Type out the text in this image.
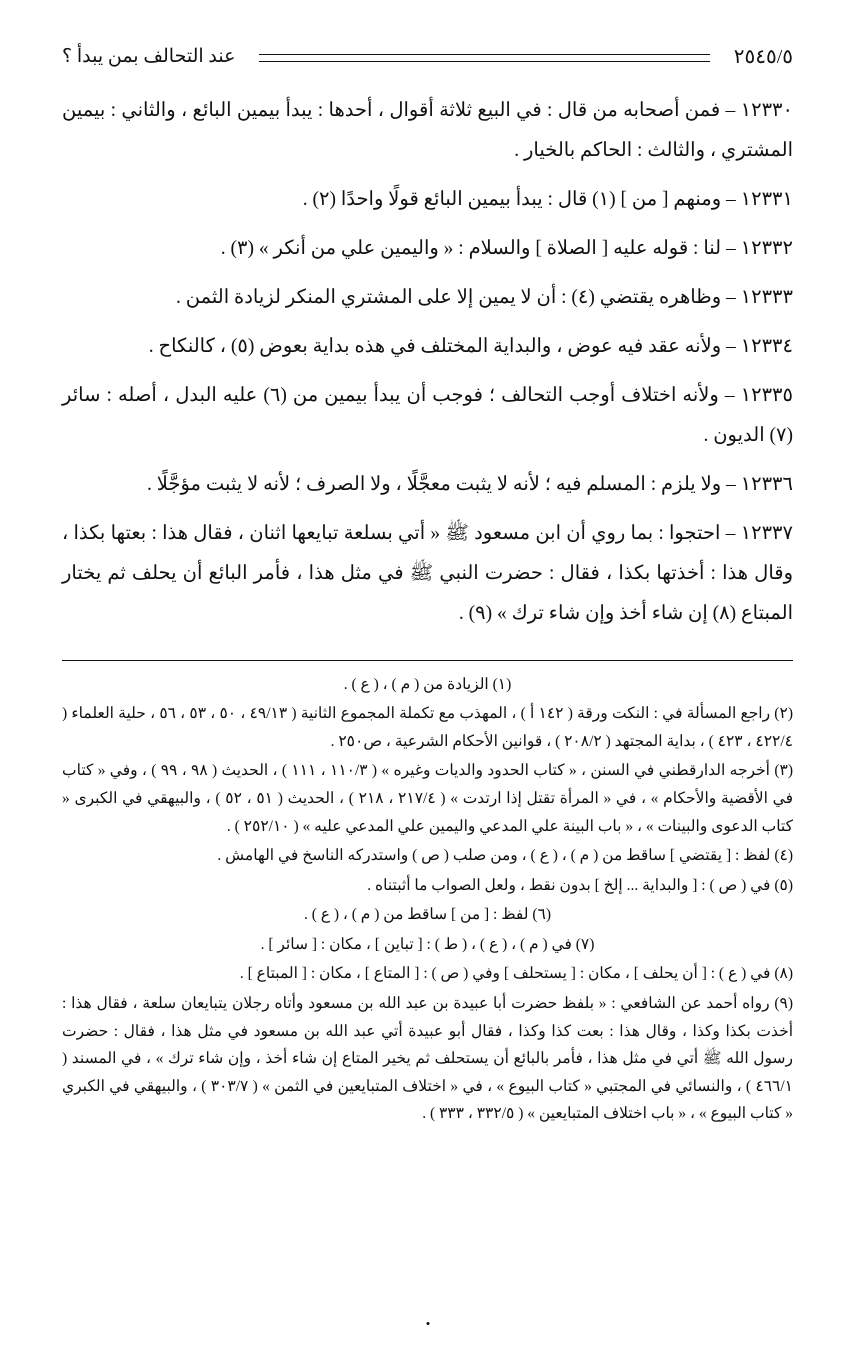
عند التحالف بمن يبدأ ؟	٢٥٤٥/٥

١٢٣٣٠ – فمن أصحابه من قال : في البيع ثلاثة أقوال ، أحدها : يبدأ بيمين البائع ، والثاني : بيمين المشتري ، والثالث : الحاكم بالخيار .

١٢٣٣١ – ومنهم [ من ] (١) قال : يبدأ بيمين البائع قولًا واحدًا (٢) .

١٢٣٣٢ – لنا : قوله عليه [ الصلاة ] والسلام : « واليمين علي من أنكر » (٣) .

١٢٣٣٣ – وظاهره يقتضي (٤) : أن لا يمين إلا على المشتري المنكر لزيادة الثمن .

١٢٣٣٤ – ولأنه عقد فيه عوض ، والبداية المختلف في هذه بداية بعوض (٥) ، كالنكاح .

١٢٣٣٥ – ولأنه اختلاف أوجب التحالف ؛ فوجب أن يبدأ بيمين من (٦) عليه البدل ، أصله : سائر (٧) الديون .

١٢٣٣٦ – ولا يلزم : المسلم فيه ؛ لأنه لا يثبت معجَّلًا ، ولا الصرف ؛ لأنه لا يثبت مؤجَّلًا .

١٢٣٣٧ – احتجوا : بما روي أن ابن مسعود ﷺ « أتي بسلعة تبايعها اثنان ، فقال هذا : بعتها بكذا ، وقال هذا : أخذتها بكذا ، فقال : حضرت النبي ﷺ في مثل هذا ، فأمر البائع أن يحلف ثم يختار المبتاع (٨) إن شاء أخذ وإن شاء ترك » (٩) .

(١) الزيادة من ( م ) ، ( ع ) .

(٢) راجع المسألة في : النكت ورقة ( ١٤٢ أ ) ، المهذب مع تكملة المجموع الثانية ( ٤٩/١٣ ، ٥٠ ، ٥٣ ، ٥٦ ، حلية العلماء ( ٤٢٢/٤ ، ٤٢٣ ) ، بداية المجتهد ( ٢٠٨/٢ ) ، قوانين الأحكام الشرعية ، ص٢٥٠ .

(٣) أخرجه الدارقطني في السنن ، « كتاب الحدود والديات وغيره » ( ١١٠/٣ ، ١١١ ) ، الحديث ( ٩٨ ، ٩٩ ) ، وفي « كتاب في الأقضية والأحكام » ، في « المرأة تقتل إذا ارتدت » ( ٢١٧/٤ ، ٢١٨ ) ، الحديث ( ٥١ ، ٥٢ ) ، والبيهقي في الكبرى « كتاب الدعوى والبينات » ، « باب البينة علي المدعي واليمين علي المدعي عليه » ( ٢٥٢/١٠ ) .

(٤) لفظ : [ يقتضي ] ساقط من ( م ) ، ( ع ) ، ومن صلب ( ص ) واستدركه الناسخ في الهامش .

(٥) في ( ص ) : [ والبداية ... إلخ ] بدون نقط ، ولعل الصواب ما أثبتناه .

(٦) لفظ : [ من ] ساقط من ( م ) ، ( ع ) .

(٧) في ( م ) ، ( ع ) ، ( ط ) : [ تباين ] ، مكان : [ سائر ] .

(٨) في ( ع ) : [ أن يحلف ] ، مكان : [ يستحلف ] وفي ( ص ) : [ المتاع ] ، مكان : [ المبتاع ] .

(٩) رواه أحمد عن الشافعي : « بلفظ حضرت أبا عبيدة بن عبد الله بن مسعود وأتاه رجلان يتبايعان سلعة ، فقال هذا : أخذت بكذا وكذا ، وقال هذا : بعت كذا وكذا ، فقال أبو عبيدة أتي عبد الله بن مسعود في مثل هذا ، فقال : حضرت رسول الله ﷺ أتي في مثل هذا ، فأمر بالبائع أن يستحلف ثم يخير المتاع إن شاء أخذ ، وإن شاء ترك » ، في المسند ( ٤٦٦/١ ) ، والنسائي في المجتبي « كتاب البيوع » ، في « اختلاف المتبايعين في الثمن » ( ٣٠٣/٧ ) ، والبيهقي في الكبري « كتاب البيوع » ، « باب اختلاف المتبايعين » ( ٣٣٢/٥ ، ٣٣٣ ) .
